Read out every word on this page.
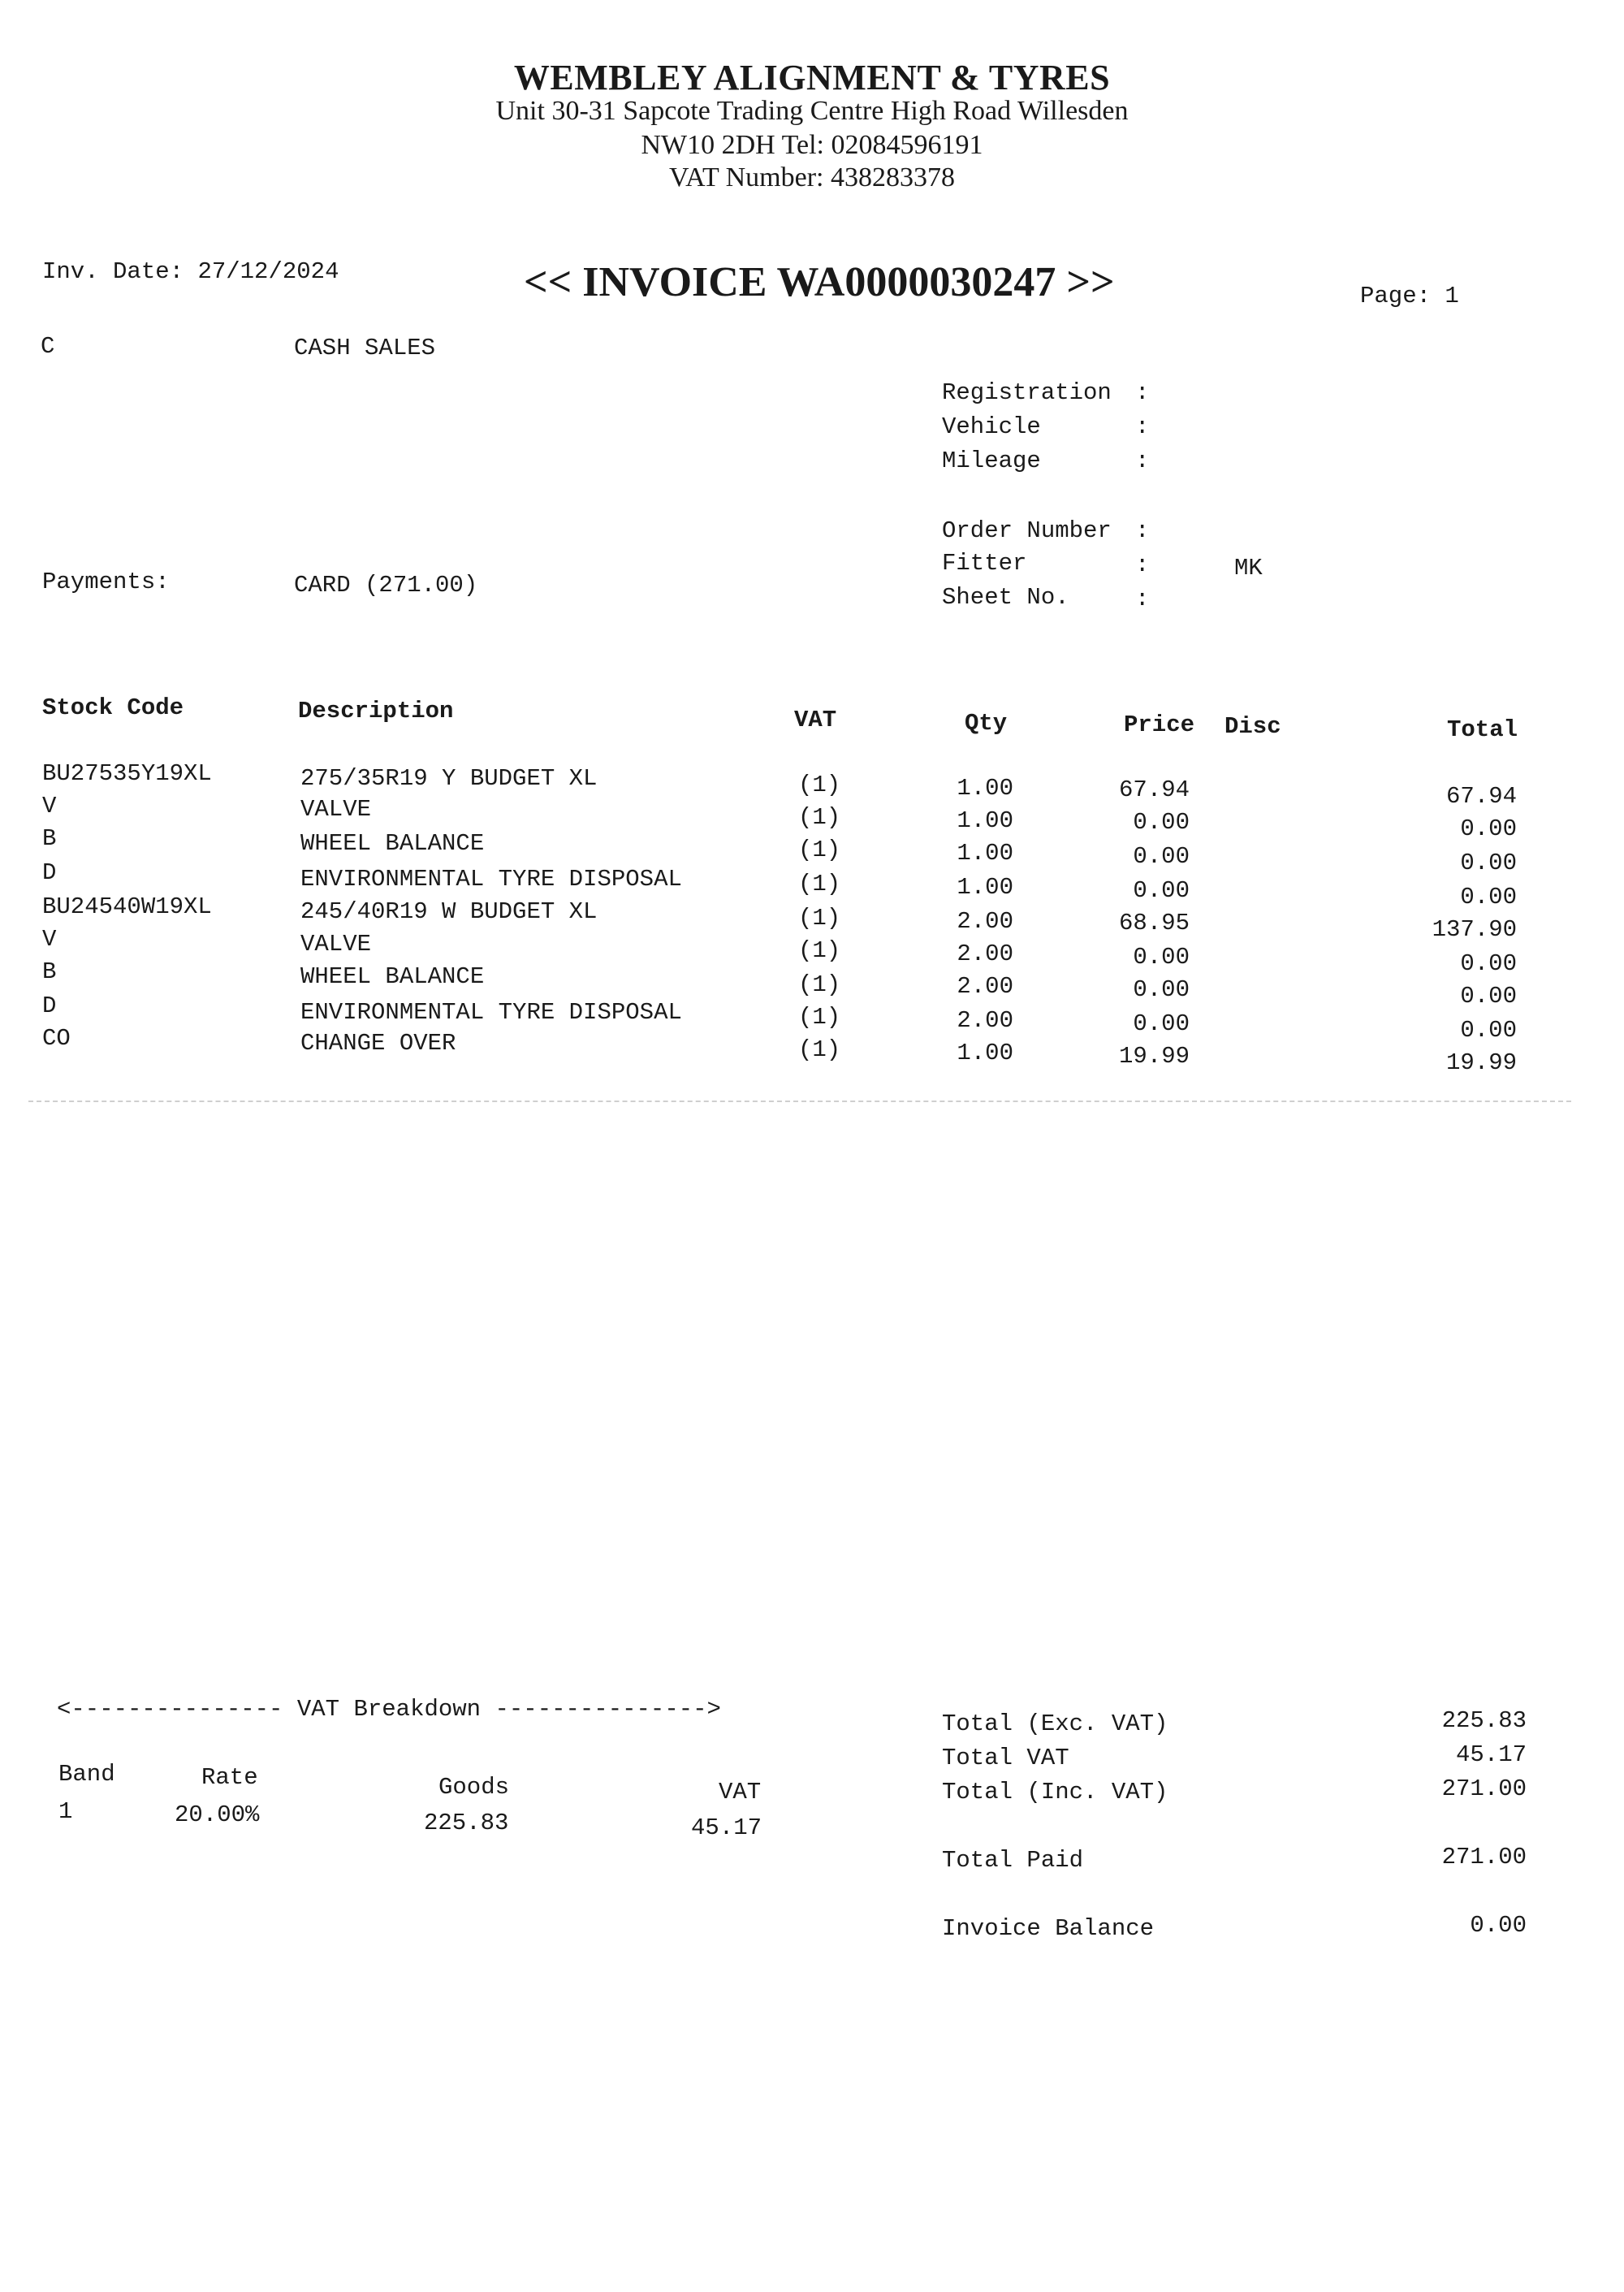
WEMBLEY ALIGNMENT & TYRES
Unit 30-31 Sapcote Trading Centre High Road Willesden
NW10 2DH Tel: 02084596191
VAT Number: 438283378
Inv. Date: 27/12/2024	<< INVOICE WA0000030247 >>	Page: 1
C	CASH SALES
Registration :
Vehicle	:
Mileage	:
Order Number :
Fitter	:	MK
Sheet No.	:
Payments:	CARD (271.00)
Stock Code	Description	VAT	Qty	Price Disc	Total
BU27535Y19XL	275/35R19 Y BUDGET XL	(1)	1.00	67.94	67.94
V	VALVE	(1)	1.00	0.00	0.00
B	WHEEL BALANCE	(1)	1.00	0.00	0.00
D	ENVIRONMENTAL TYRE DISPOSAL	(1)	1.00	0.00	0.00
BU24540W19XL	245/40R19 W BUDGET XL	(1)	2.00	68.95	137.90
V	VALVE	(1)	2.00	0.00	0.00
B	WHEEL BALANCE	(1)	2.00	0.00	0.00
D	ENVIRONMENTAL TYRE DISPOSAL	(1)	2.00	0.00	0.00
CO	CHANGE OVER	(1)	1.00	19.99	19.99
<--------------- VAT Breakdown --------------->
Band	Rate	Goods	VAT
1	20.00%	225.83	45.17
Total (Exc. VAT)	225.83
Total VAT	45.17
Total (Inc. VAT)	271.00
Total Paid	271.00
Invoice Balance	0.00
